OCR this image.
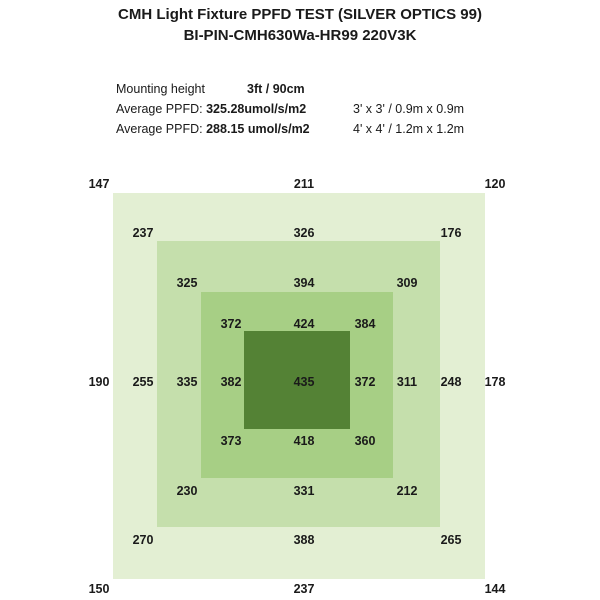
CMH Light Fixture PPFD TEST (SILVER OPTICS 99)
BI-PIN-CMH630Wa-HR99 220V3K
Mounting height	3ft / 90cm
Average PPFD: 325.28umol/s/m2	3' x 3' / 0.9m x 0.9m
Average PPFD: 288.15 umol/s/m2	4' x 4' / 1.2m x 1.2m
147	211	120
237	326	176
325	394	309
372	424	384
190 255 335 382	435	372 311 248 178
373	418	360
230	331	212
270	388	265
150	237	144
